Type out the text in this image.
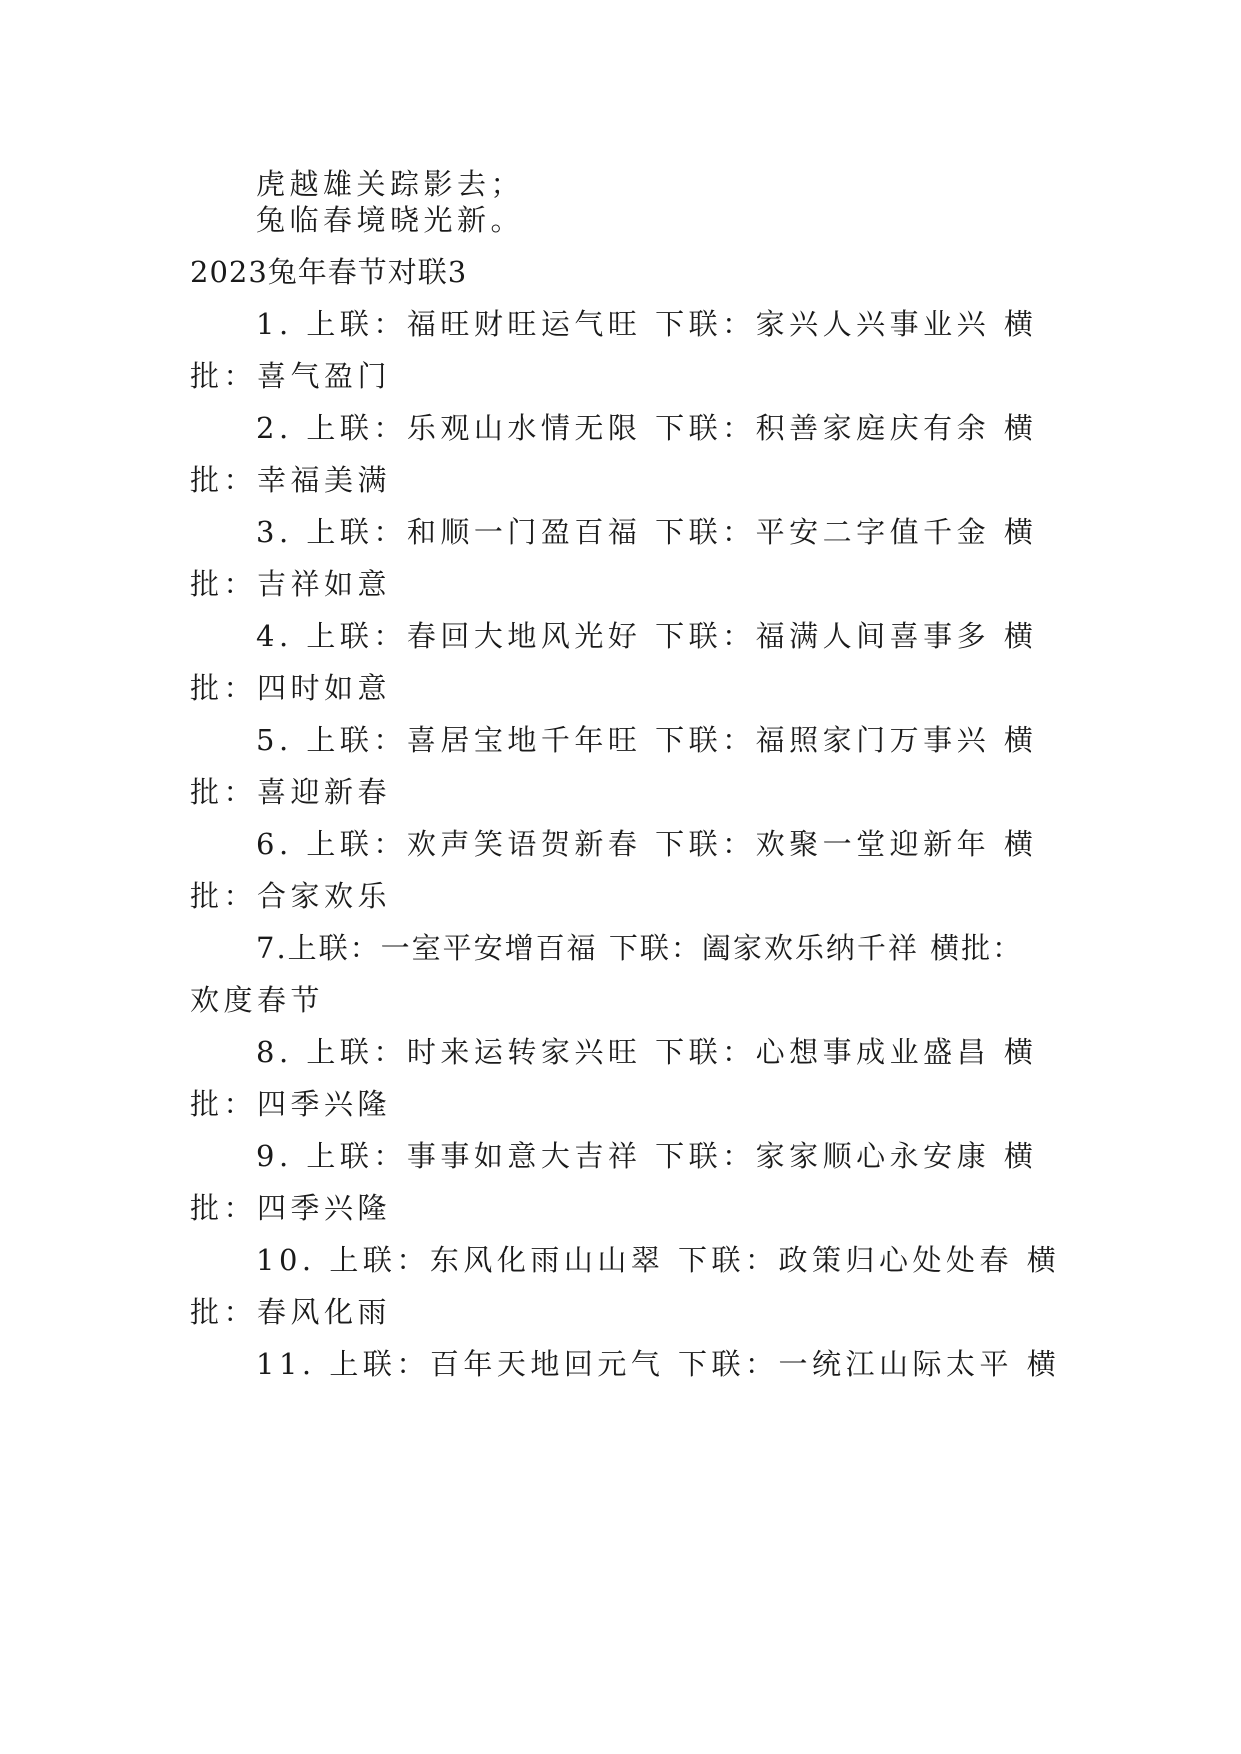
虎越雄关踪影去；
兔临春境晓光新。
2023兔年春节对联3
1. 上联：福旺财旺运气旺 下联：家兴人兴事业兴 横
批：喜气盈门
2. 上联：乐观山水情无限 下联：积善家庭庆有余 横
批：幸福美满
3. 上联：和顺一门盈百福 下联：平安二字值千金 横
批：吉祥如意
4. 上联：春回大地风光好 下联：福满人间喜事多 横
批：四时如意
5. 上联：喜居宝地千年旺 下联：福照家门万事兴 横
批：喜迎新春
6. 上联：欢声笑语贺新春 下联：欢聚一堂迎新年 横
批：合家欢乐
7.上联：一室平安增百福 下联：阖家欢乐纳千祥 横批：
欢度春节
8. 上联：时来运转家兴旺 下联：心想事成业盛昌 横
批：四季兴隆
9. 上联：事事如意大吉祥 下联：家家顺心永安康 横
批：四季兴隆
10. 上联：东风化雨山山翠 下联：政策归心处处春 横
批：春风化雨
11. 上联：百年天地回元气 下联：一统江山际太平 横
